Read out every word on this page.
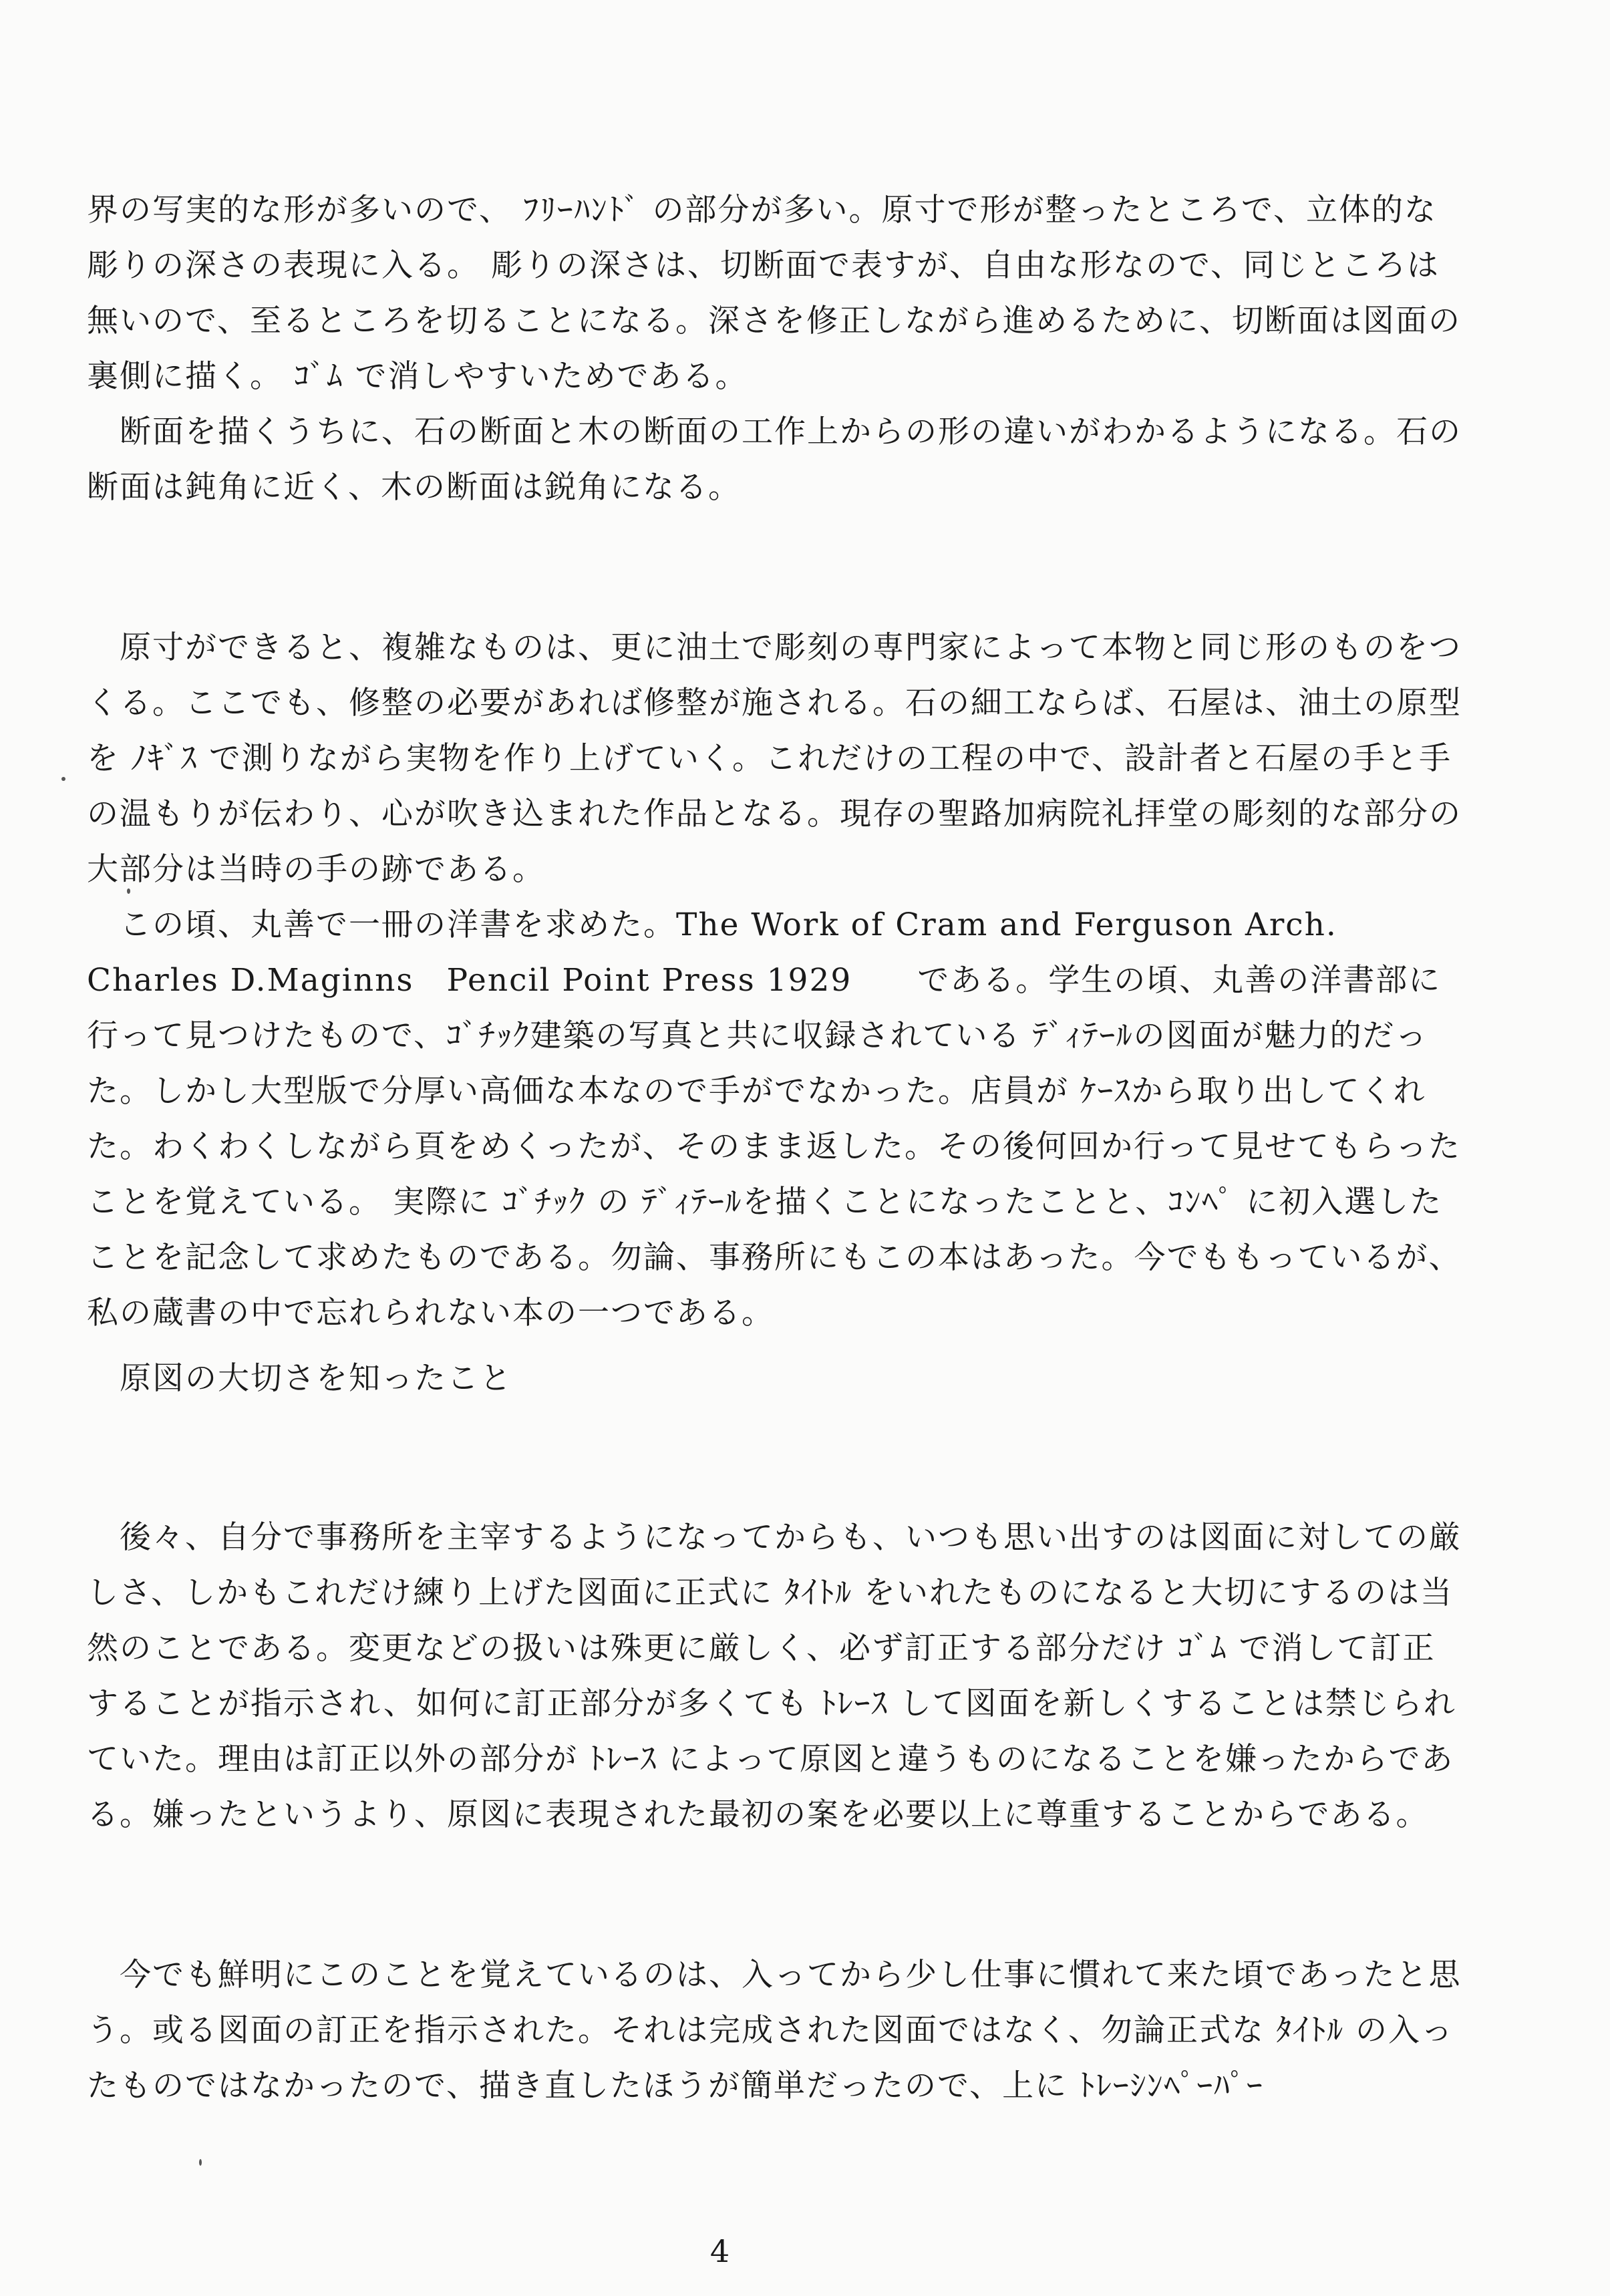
界の写実的な形が多いので、 ﾌﾘｰﾊﾝﾄﾞ の部分が多い。原寸で形が整ったところで、立体的な彫りの深さの表現に入る。 彫りの深さは、切断面で表すが、自由な形なので、同じところは無いので、至るところを切ることになる。深さを修正しながら進めるために、切断面は図面の裏側に描く。 ｺﾞﾑ で消しやすいためである。

　断面を描くうちに、石の断面と木の断面の工作上からの形の違いがわかるようになる。石の断面は鈍角に近く、木の断面は鋭角になる。

　原寸ができると、複雑なものは、更に油土で彫刻の専門家によって本物と同じ形のものをつくる。ここでも、修整の必要があれば修整が施される。石の細工ならば、石屋は、油土の原型を ﾉｷﾞｽ で測りながら実物を作り上げていく。これだけの工程の中で、設計者と石屋の手と手の温もりが伝わり、心が吹き込まれた作品となる。現存の聖路加病院礼拝堂の彫刻的な部分の大部分は当時の手の跡である。

　この頃、丸善で一冊の洋書を求めた。The Work of Cram and Ferguson Arch. Charles D.Maginns　Pencil Point Press 1929　　である。学生の頃、丸善の洋書部に行って見つけたもので、ｺﾞﾁｯｸ建築の写真と共に収録されている ﾃﾞｨﾃｰﾙの図面が魅力的だった。しかし大型版で分厚い高価な本なので手がでなかった。店員が ｹｰｽから取り出してくれた。わくわくしながら頁をめくったが、そのまま返した。その後何回か行って見せてもらったことを覚えている。 実際に ｺﾞﾁｯｸ の ﾃﾞｨﾃｰﾙを描くことになったことと、ｺﾝﾍﾟ に初入選したことを記念して求めたものである。勿論、事務所にもこの本はあった。今でももっているが、私の蔵書の中で忘れられない本の一つである。

　原図の大切さを知ったこと

　後々、自分で事務所を主宰するようになってからも、いつも思い出すのは図面に対しての厳しさ、しかもこれだけ練り上げた図面に正式に ﾀｲﾄﾙ をいれたものになると大切にするのは当然のことである。変更などの扱いは殊更に厳しく、必ず訂正する部分だけ ｺﾞﾑ で消して訂正することが指示され、如何に訂正部分が多くても ﾄﾚｰｽ して図面を新しくすることは禁じられていた。理由は訂正以外の部分が ﾄﾚｰｽ によって原図と違うものになることを嫌ったからである。嫌ったというより、原図に表現された最初の案を必要以上に尊重することからである。

　今でも鮮明にこのことを覚えているのは、入ってから少し仕事に慣れて来た頃であったと思う。或る図面の訂正を指示された。それは完成された図面ではなく、勿論正式な ﾀｲﾄﾙ の入ったものではなかったので、描き直したほうが簡単だったので、上に ﾄﾚｰｼﾝﾍﾟｰﾊﾟｰ

4
